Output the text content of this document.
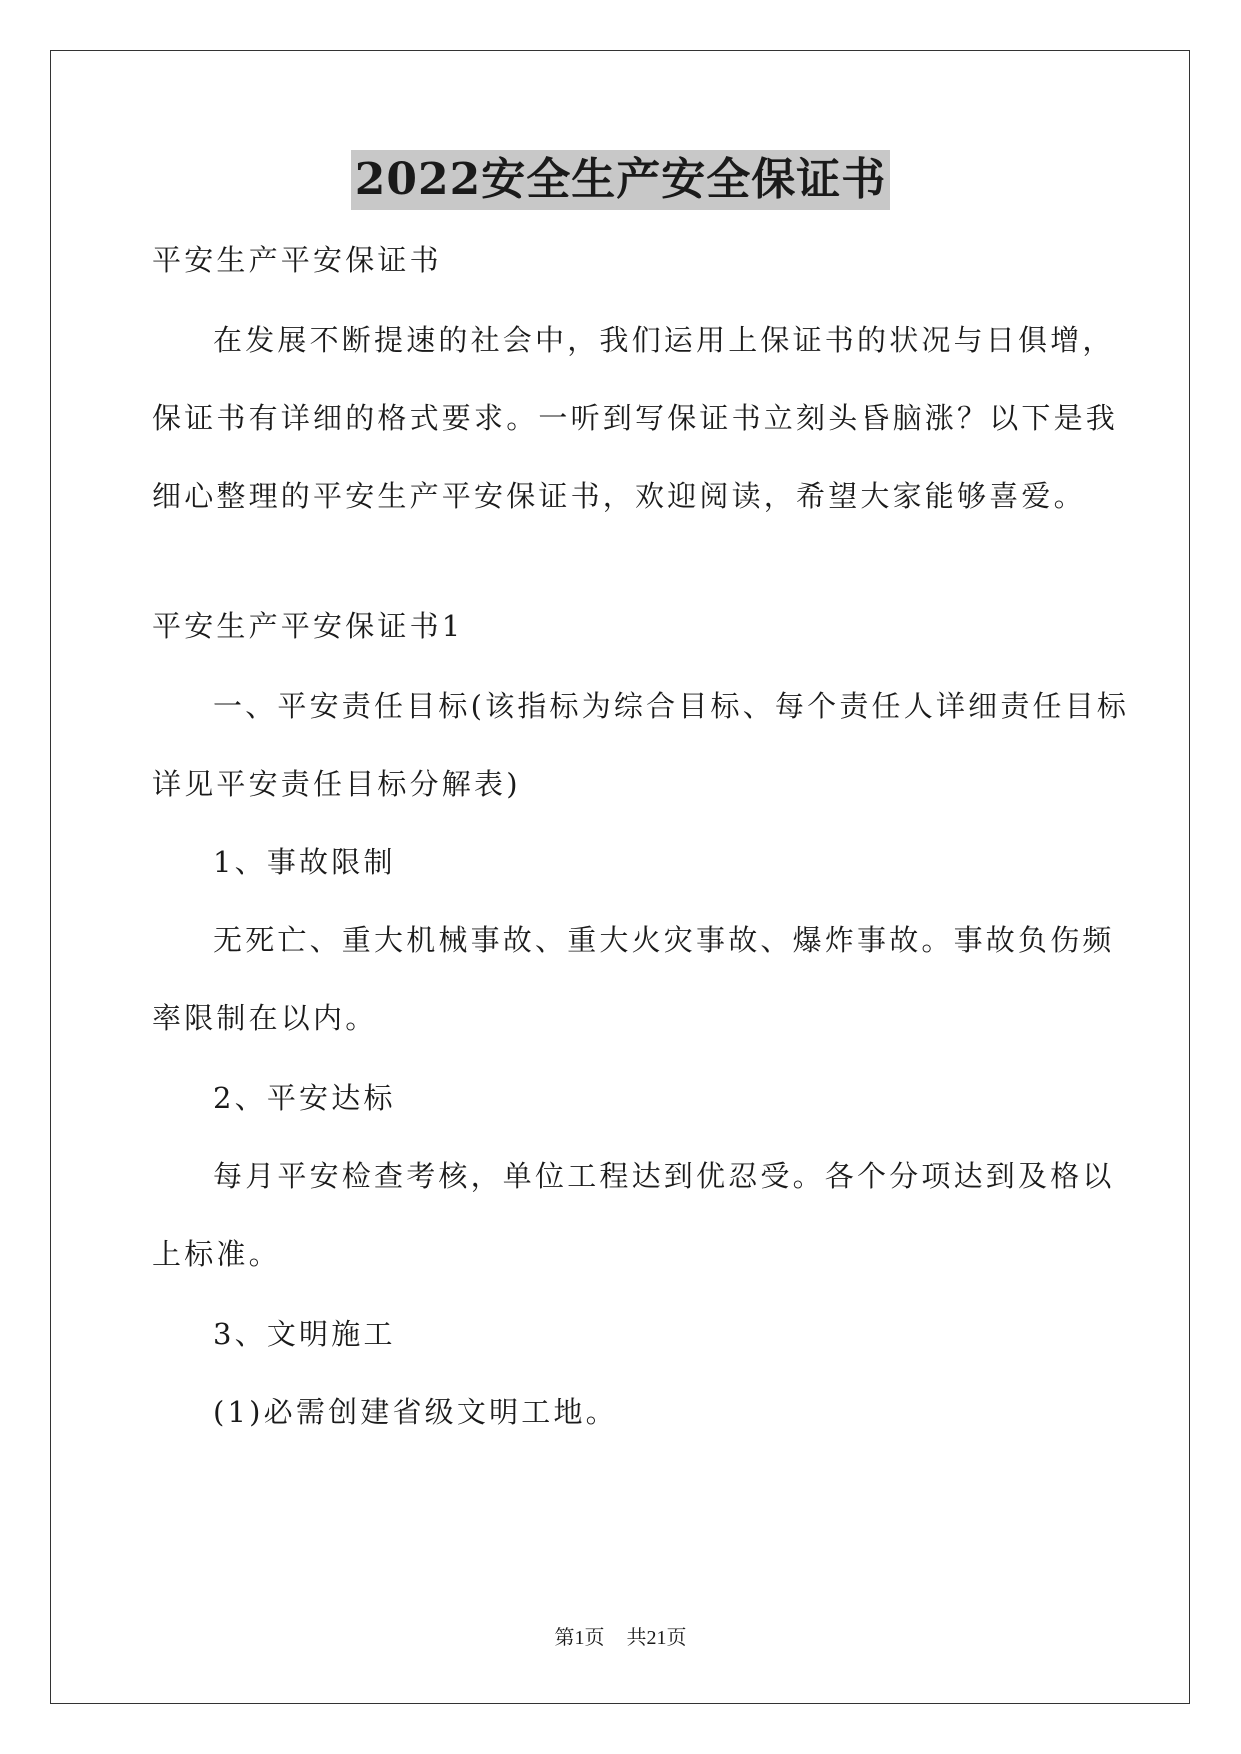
2022安全生产安全保证书
平安生产平安保证书
在发展不断提速的社会中，我们运用上保证书的状况与日俱增，
保证书有详细的格式要求。一听到写保证书立刻头昏脑涨？以下是我
细心整理的平安生产平安保证书，欢迎阅读，希望大家能够喜爱。
平安生产平安保证书1
一、平安责任目标(该指标为综合目标、每个责任人详细责任目标
详见平安责任目标分解表)
1、事故限制
无死亡、重大机械事故、重大火灾事故、爆炸事故。事故负伤频
率限制在以内。
2、平安达标
每月平安检查考核，单位工程达到优忍受。各个分项达到及格以
上标准。
3、文明施工
(1)必需创建省级文明工地。
第1页 共21页
